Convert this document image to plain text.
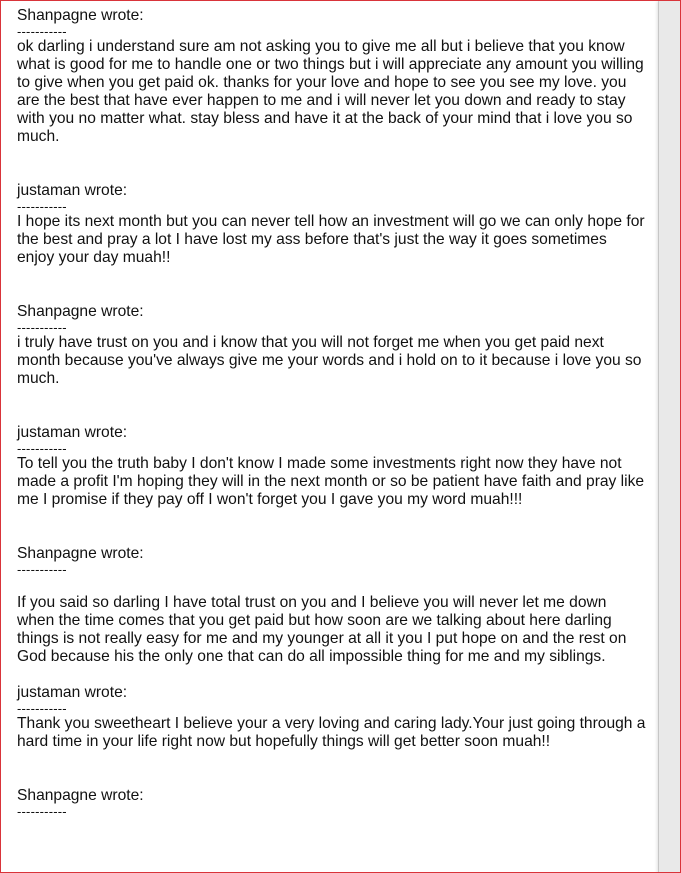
Shanpagne wrote:
-----------
ok darling i understand sure am not asking you to give me all but i believe that you know what is good for me to handle one or two things but i will appreciate any amount you willing to give when you get paid ok. thanks for your love and hope to see you see my love. you are the best that have ever happen to me and i will never let you down and ready to stay with you no matter what. stay bless and have it at the back of your mind that i love you so much.
justaman wrote:
-----------
I hope its next month but you can never tell how an investment will go we can only hope for the best and pray a lot I have lost my ass before that's just the way it goes sometimes enjoy your day muah!!
Shanpagne wrote:
-----------
i truly have trust on you and i know that you will not forget me when you get paid next month because you've always give me your words and i hold on to it because i love you so much.
justaman wrote:
-----------
To tell you the truth baby I don't know I made some investments right now they have not made a profit I'm hoping they will in the next month or so be patient have faith and pray like me I promise if they pay off I won't forget you I gave you my word muah!!!
Shanpagne wrote:
-----------
If you said so darling I have total trust on you and I believe you will never let me down when the time comes that you get paid but how soon are we talking about here darling things is not really easy for me and my younger at all it you I put hope on and the rest on God because his the only one that can do all impossible thing for me and my siblings.
justaman wrote:
-----------
Thank you sweetheart I believe your a very loving and caring lady.Your just going through a hard time in your life right now but hopefully things will get better soon muah!!
Shanpagne wrote:
-----------
